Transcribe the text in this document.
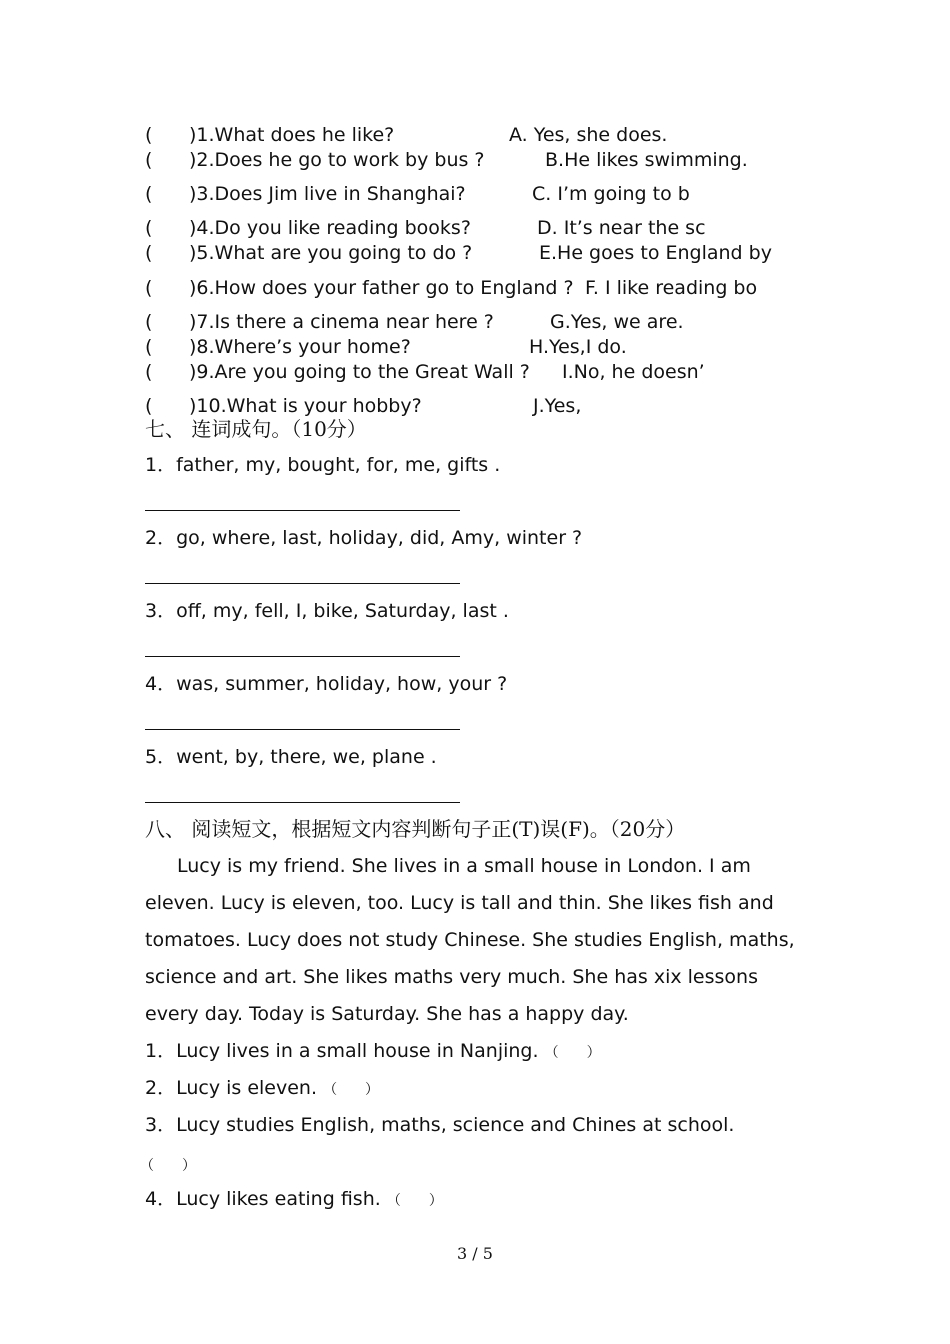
( )1.What does he like?	A. Yes, she does.
( )2.Does he go to work by bus ?	B.He likes swimming.
( )3.Does Jim live in Shanghai?	C. I’m going to b
( )4.Do you like reading books?	D. It’s near the sc
( )5.What are you going to do ?	E.He goes to England by
( )6.How does your father go to England ? F. I like reading bo
( )7.Is there a cinema near here ?	G.Yes, we are.
( )8.Where’s your home?	H.Yes,I do.
( )9.Are you going to the Great Wall ? I.No, he doesn’
( )10.What is your hobby?	J.Yes,
七、 连词成句。（10分）
1．father, my, bought, for, me, gifts .
2．go, where, last, holiday, did, Amy, winter ?
3．off, my, fell, I, bike, Saturday, last .
4．was, summer, holiday, how, your ?
5．went, by, there, we, plane .
八、 阅读短文，根据短文内容判断句子正(T)误(F)。（20分）

Lucy is my friend. She lives in a small house in London. I am eleven. Lucy is eleven, too. Lucy is tall and thin. She likes fish and tomatoes. Lucy does not study Chinese. She studies English, maths, science and art. She likes maths very much. She has xix lessons every day. Today is Saturday. She has a happy day.

1．Lucy lives in a small house in Nanjing. （　　）
2．Lucy is eleven. （　　）
3．Lucy studies English, maths, science and Chines at school.
（　　）
4．Lucy likes eating fish. （　　）
3 / 5
